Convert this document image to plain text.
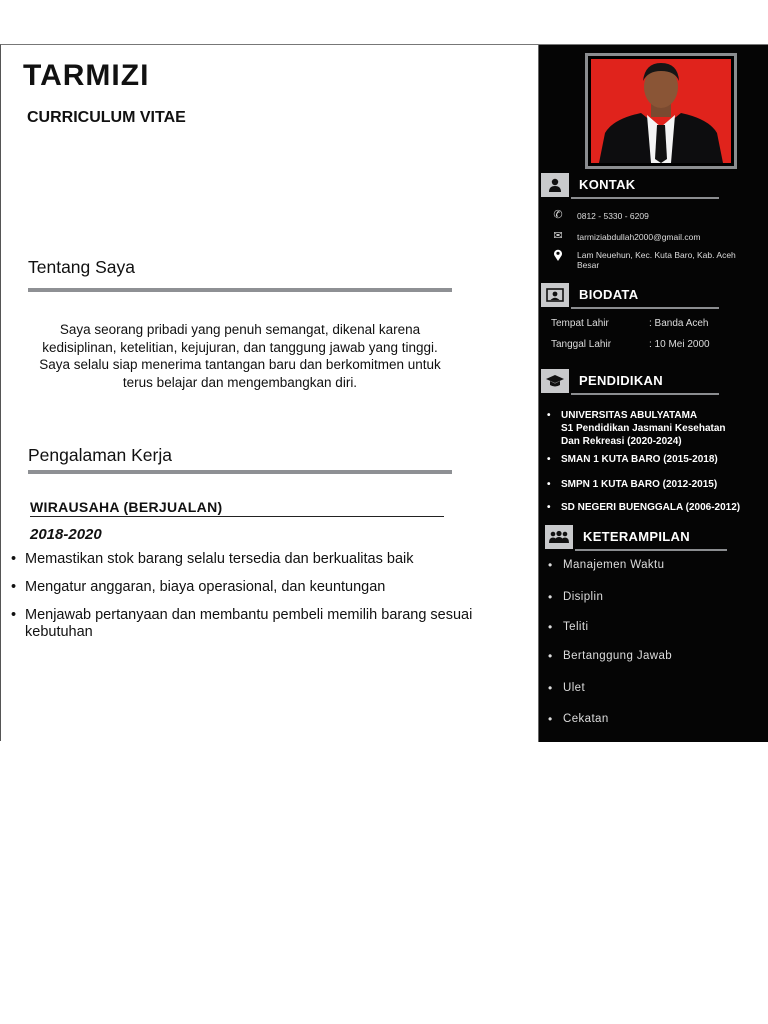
TARMIZI
CURRICULUM VITAE
Tentang Saya
Saya seorang pribadi yang penuh semangat, dikenal karena kedisiplinan, ketelitian, kejujuran, dan tanggung jawab yang tinggi. Saya selalu siap menerima tantangan baru dan berkomitmen untuk terus belajar dan mengembangkan diri.
Pengalaman Kerja
WIRAUSAHA (BERJUALAN)
2018-2020
• Memastikan stok barang selalu tersedia dan berkualitas baik
• Mengatur anggaran, biaya operasional, dan keuntungan
• Menjawab pertanyaan dan membantu pembeli memilih barang sesuai kebutuhan
KONTAK
✆ 0812 - 5330 - 6209
✉ tarmiziabdullah2000@gmail.com
Lam Neuehun, Kec. Kuta Baro, Kab. Aceh Besar
BIODATA
Tempat Lahir	: Banda Aceh
Tanggal Lahir	: 10 Mei 2000
PENDIDIKAN
• UNIVERSITAS ABULYATAMA
S1 Pendidikan Jasmani Kesehatan
Dan Rekreasi (2020-2024)
• SMAN 1 KUTA BARO (2015-2018)
• SMPN 1 KUTA BARO (2012-2015)
• SD NEGERI BUENGGALA (2006-2012)
KETERAMPILAN
• Manajemen Waktu
• Disiplin
• Teliti
• Bertanggung Jawab
• Ulet
• Cekatan
